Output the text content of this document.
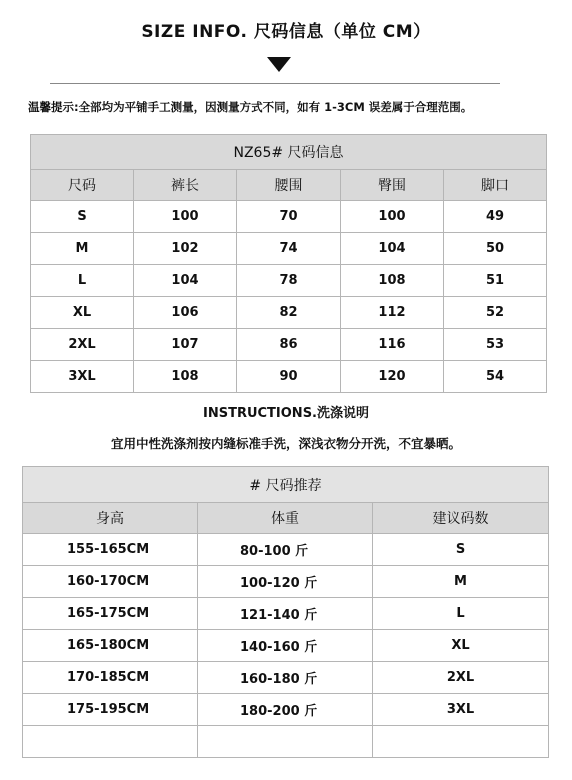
SIZE INFO. 尺码信息（单位 CM）
温馨提示:全部均为平铺手工测量，因测量方式不同，如有 1-3CM 误差属于合理范围。
NZ65# 尺码信息				
尺码	裤长	腰围	臀围	脚口
S	100	70	100	49
M	102	74	104	50
L	104	78	108	51
XL	106	82	112	52
2XL	107	86	116	53
3XL	108	90	120	54
INSTRUCTIONS.洗涤说明
宜用中性洗涤剂按内缝标准手洗，深浅衣物分开洗，不宜暴晒。
# 尺码推荐		
身高	体重	建议码数
155-165CM	80-100 斤	S
160-170CM	100-120 斤	M
165-175CM	121-140 斤	L
165-180CM	140-160 斤	XL
170-185CM	160-180 斤	2XL
175-195CM	180-200 斤	3XL
